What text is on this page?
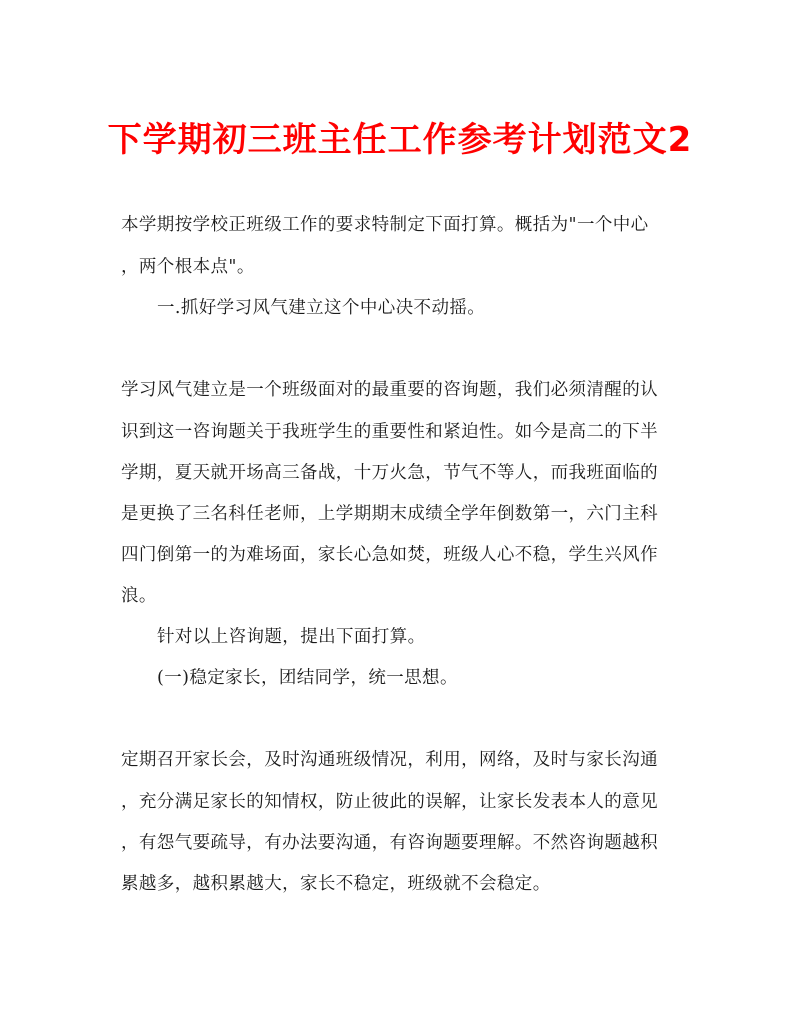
下学期初三班主任工作参考计划范文2
本学期按学校正班级工作的要求特制定下面打算。概括为"一个中心
，两个根本点"。
一.抓好学习风气建立这个中心决不动摇。
学习风气建立是一个班级面对的最重要的咨询题，我们必须清醒的认
识到这一咨询题关于我班学生的重要性和紧迫性。如今是高二的下半
学期，夏天就开场高三备战，十万火急，节气不等人，而我班面临的
是更换了三名科任老师，上学期期末成绩全学年倒数第一，六门主科
四门倒第一的为难场面，家长心急如焚，班级人心不稳，学生兴风作
浪。
针对以上咨询题，提出下面打算。
(一)稳定家长，团结同学，统一思想。
定期召开家长会，及时沟通班级情况，利用，网络，及时与家长沟通
，充分满足家长的知情权，防止彼此的误解，让家长发表本人的意见
，有怨气要疏导，有办法要沟通，有咨询题要理解。不然咨询题越积
累越多，越积累越大，家长不稳定，班级就不会稳定。
